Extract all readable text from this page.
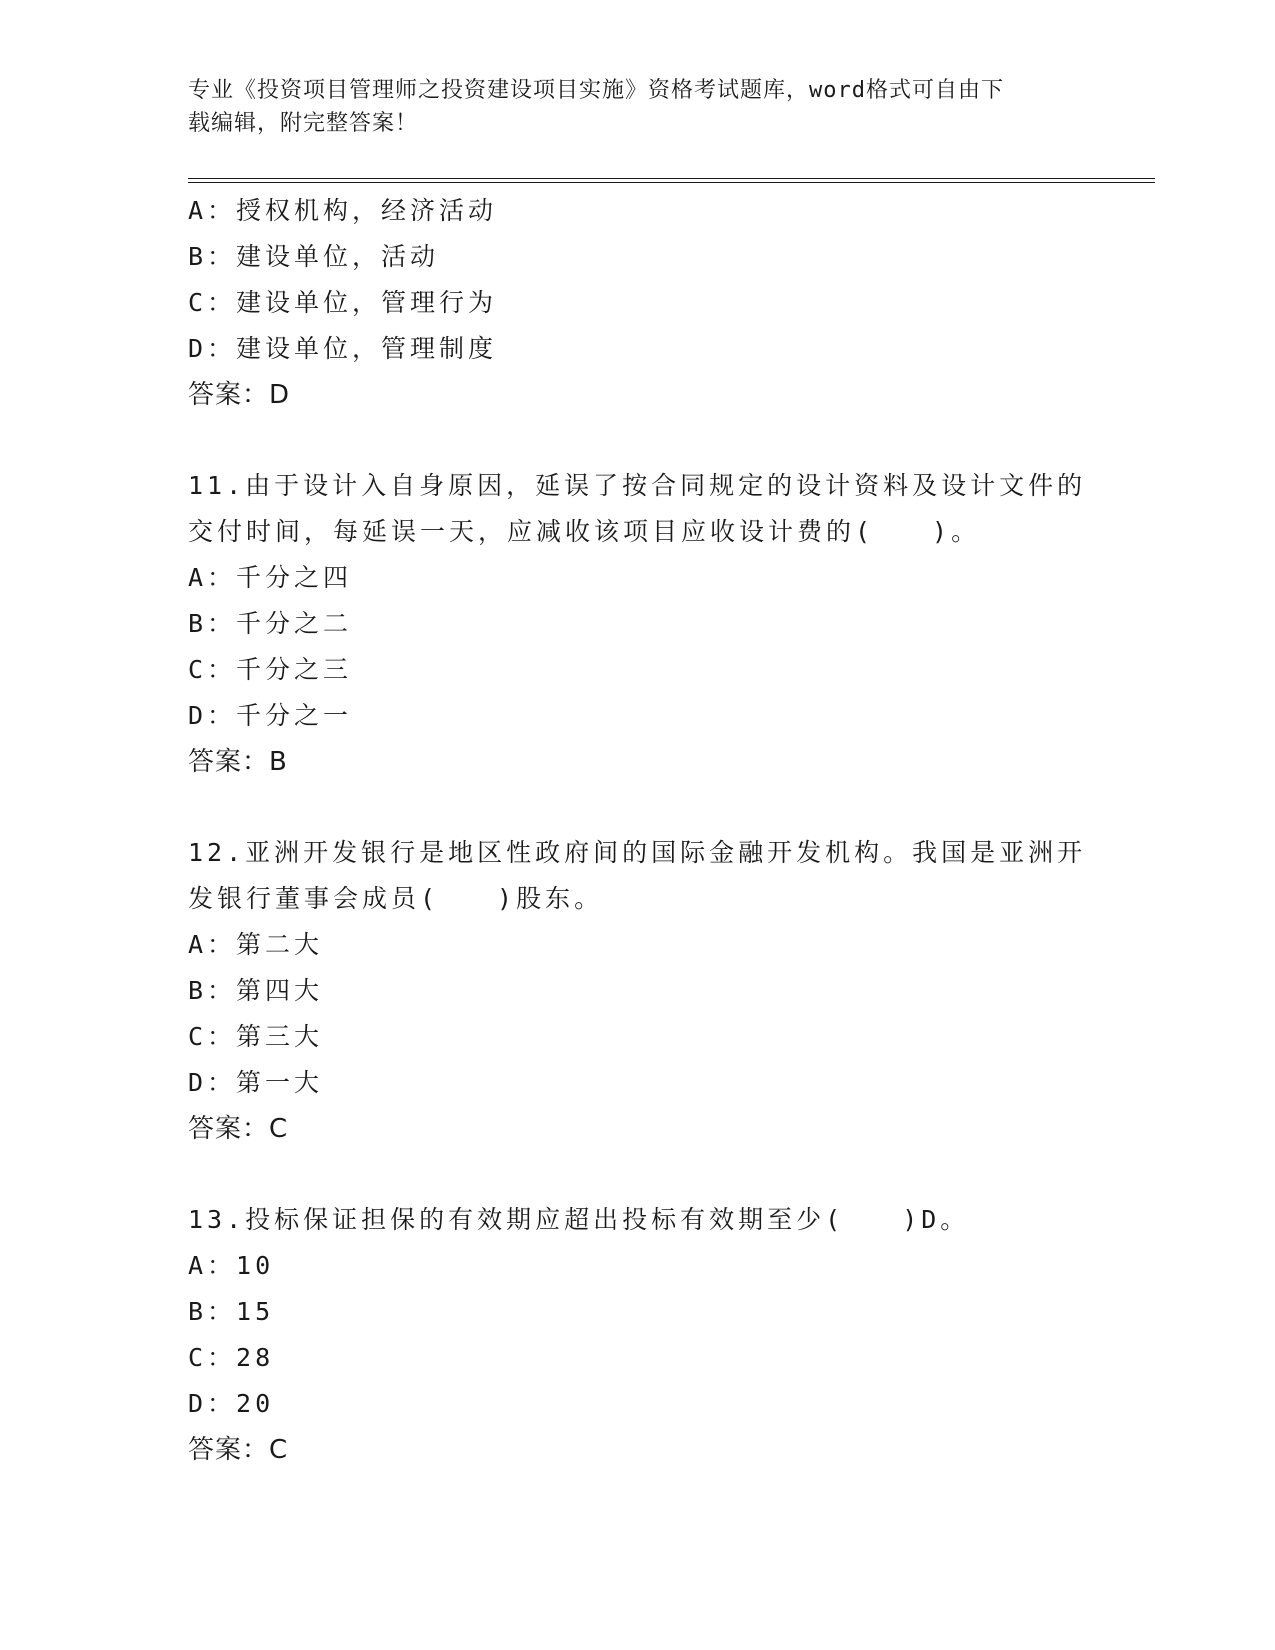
专业《投资项目管理师之投资建设项目实施》资格考试题库，word格式可自由下
载编辑，附完整答案！
A：授权机构，经济活动
B：建设单位，活动
C：建设单位，管理行为
D：建设单位，管理制度
答案：D
11.由于设计入自身原因，延误了按合同规定的设计资料及设计文件的
交付时间，每延误一天，应减收该项目应收设计费的(　　)。
A：千分之四
B：千分之二
C：千分之三
D：千分之一
答案：B
12.亚洲开发银行是地区性政府间的国际金融开发机构。我国是亚洲开
发银行董事会成员(　　)股东。
A：第二大
B：第四大
C：第三大
D：第一大
答案：C
13.投标保证担保的有效期应超出投标有效期至少(　　)D。
A：10
B：15
C：28
D：20
答案：C
